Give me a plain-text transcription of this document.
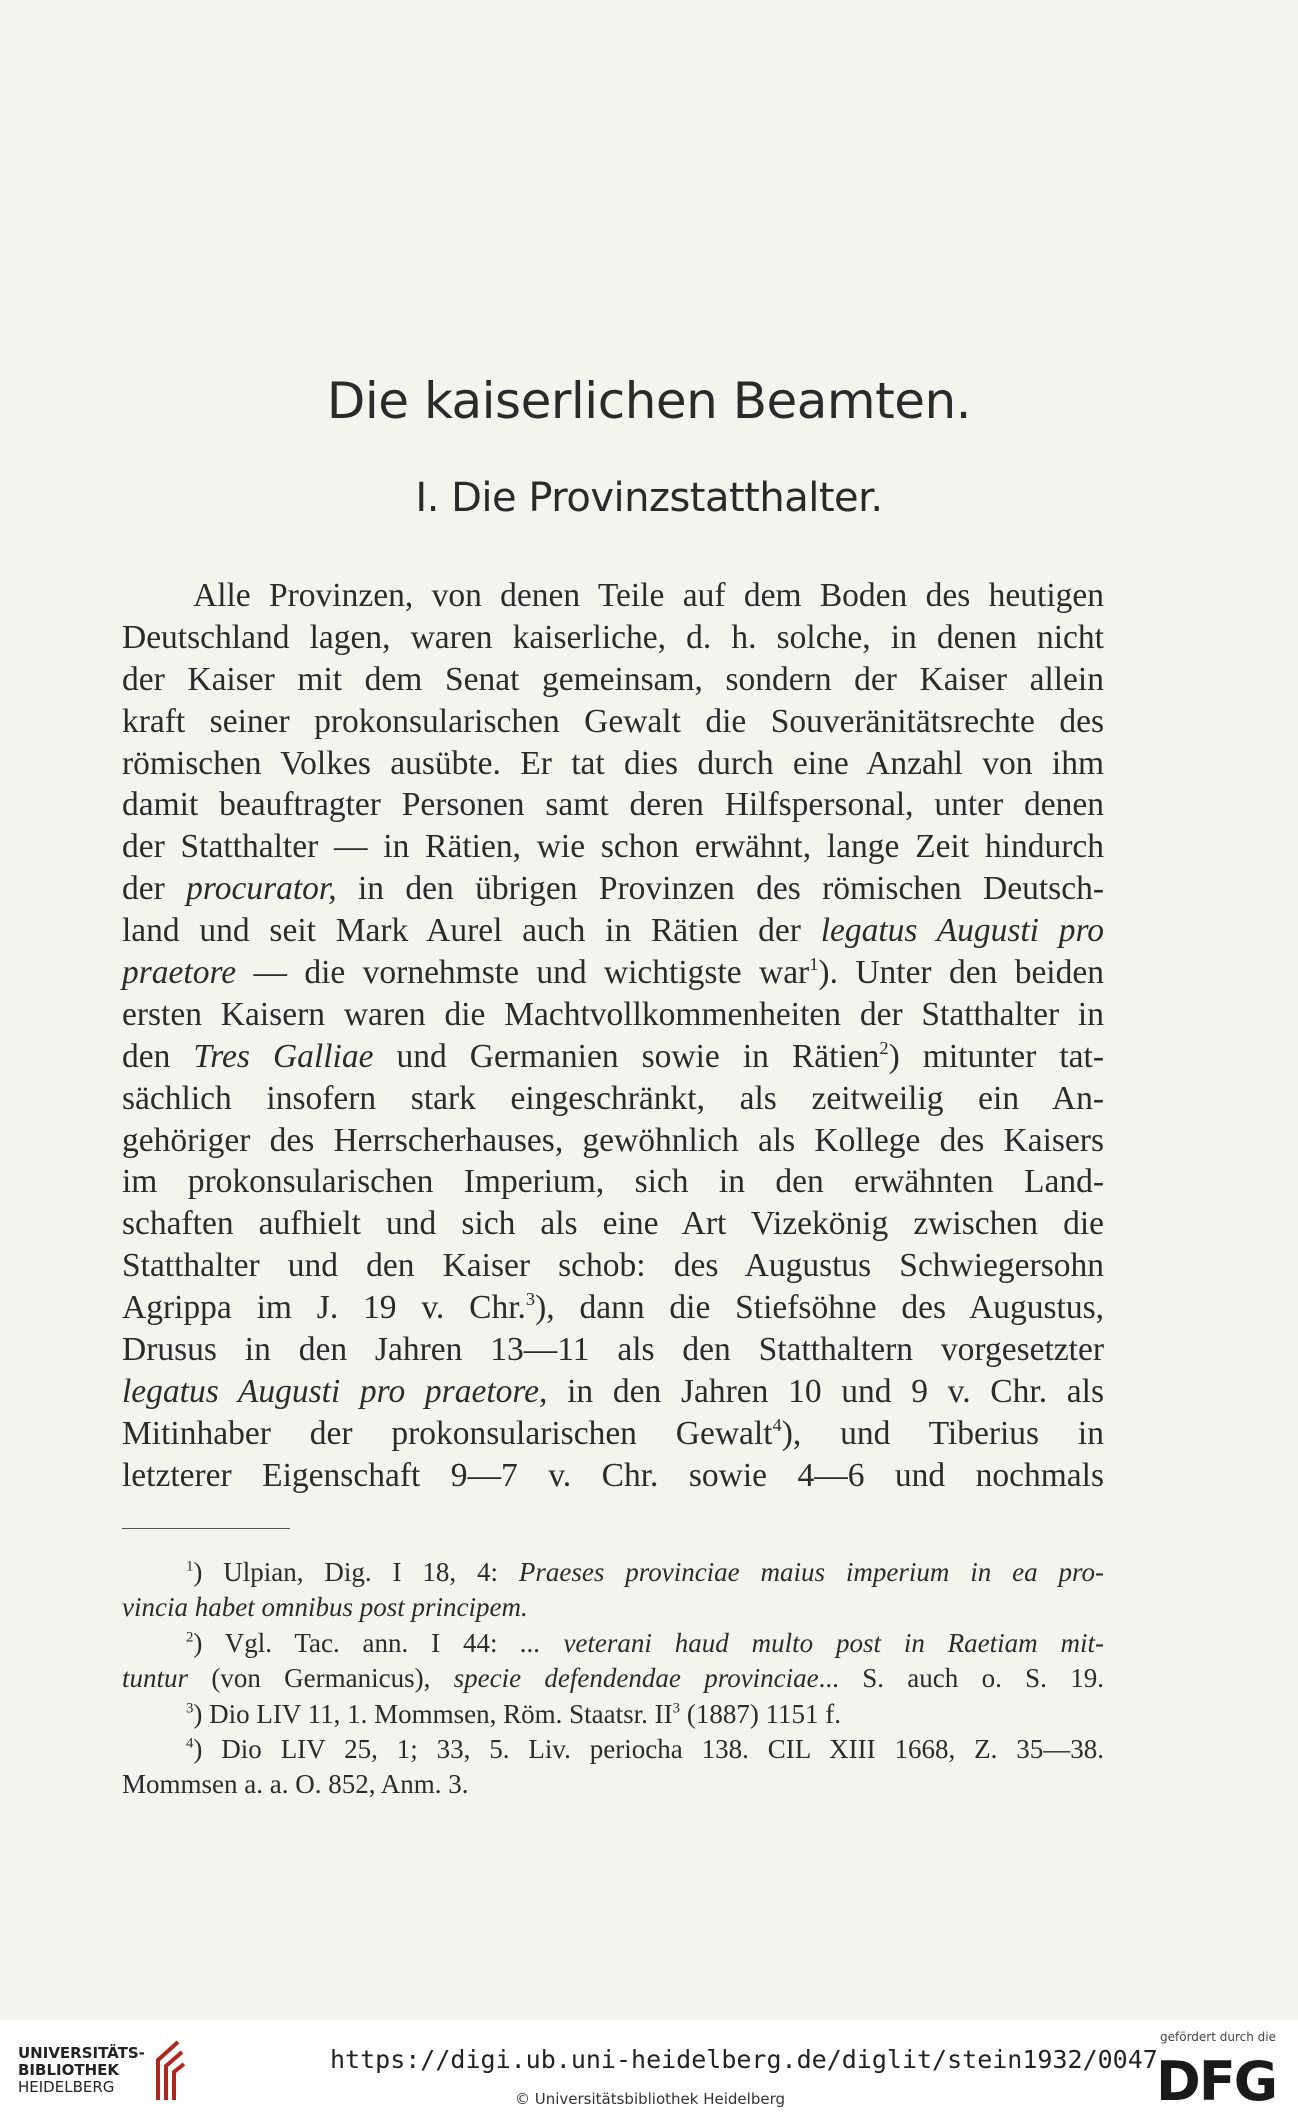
Die kaiserlichen Beamten.
I. Die Provinzstatthalter.
Alle Provinzen, von denen Teile auf dem Boden des heutigen
Deutschland lagen, waren kaiserliche, d. h. solche, in denen nicht
der Kaiser mit dem Senat gemeinsam, sondern der Kaiser allein
kraft seiner prokonsularischen Gewalt die Souveränitätsrechte des
römischen Volkes ausübte. Er tat dies durch eine Anzahl von ihm
damit beauftragter Personen samt deren Hilfspersonal, unter denen
der Statthalter — in Rätien, wie schon erwähnt, lange Zeit hindurch
der procurator, in den übrigen Provinzen des römischen Deutsch-
land und seit Mark Aurel auch in Rätien der legatus Augusti pro
praetore — die vornehmste und wichtigste war$^1$). Unter den beiden
ersten Kaisern waren die Machtvollkommenheiten der Statthalter in
den Tres Galliae und Germanien sowie in Rätien$^2$) mitunter tat-
sächlich insofern stark eingeschränkt, als zeitweilig ein An-
gehöriger des Herrscherhauses, gewöhnlich als Kollege des Kaisers
im prokonsularischen Imperium, sich in den erwähnten Land-
schaften aufhielt und sich als eine Art Vizekönig zwischen die
Statthalter und den Kaiser schob: des Augustus Schwiegersohn
Agrippa im J. 19 v. Chr.$^3$), dann die Stiefsöhne des Augustus,
Drusus in den Jahren 13—11 als den Statthaltern vorgesetzter
legatus Augusti pro praetore, in den Jahren 10 und 9 v. Chr. als
Mitinhaber der prokonsularischen Gewalt$^4$), und Tiberius in
letzterer Eigenschaft 9—7 v. Chr. sowie 4—6 und nochmals
$^1$) Ulpian, Dig. I 18, 4: Praeses provinciae maius imperium in ea pro-
vincia habet omnibus post principem.
$^2$) Vgl. Tac. ann. I 44: ... veterani haud multo post in Raetiam mit-
tuntur (von Germanicus), specie defendendae provinciae... S. auch o. S. 19.
$^3$) Dio LIV 11, 1. Mommsen, Röm. Staatsr. $II^3$ (1887) 1151 f.
$^4$) Dio LIV 25, 1; 33, 5. Liv. periocha 138. CIL XIII 1668, Z. 35—38.
Mommsen a. a. O. 852, Anm. 3.
UNIVERSITÄTS-
BIBLIOTHEK
HEIDELBERG
https://digi.ub.uni-heidelberg.de/diglit/stein1932/0047
© Universitätsbibliothek Heidelberg
gefördert durch die
DFG
